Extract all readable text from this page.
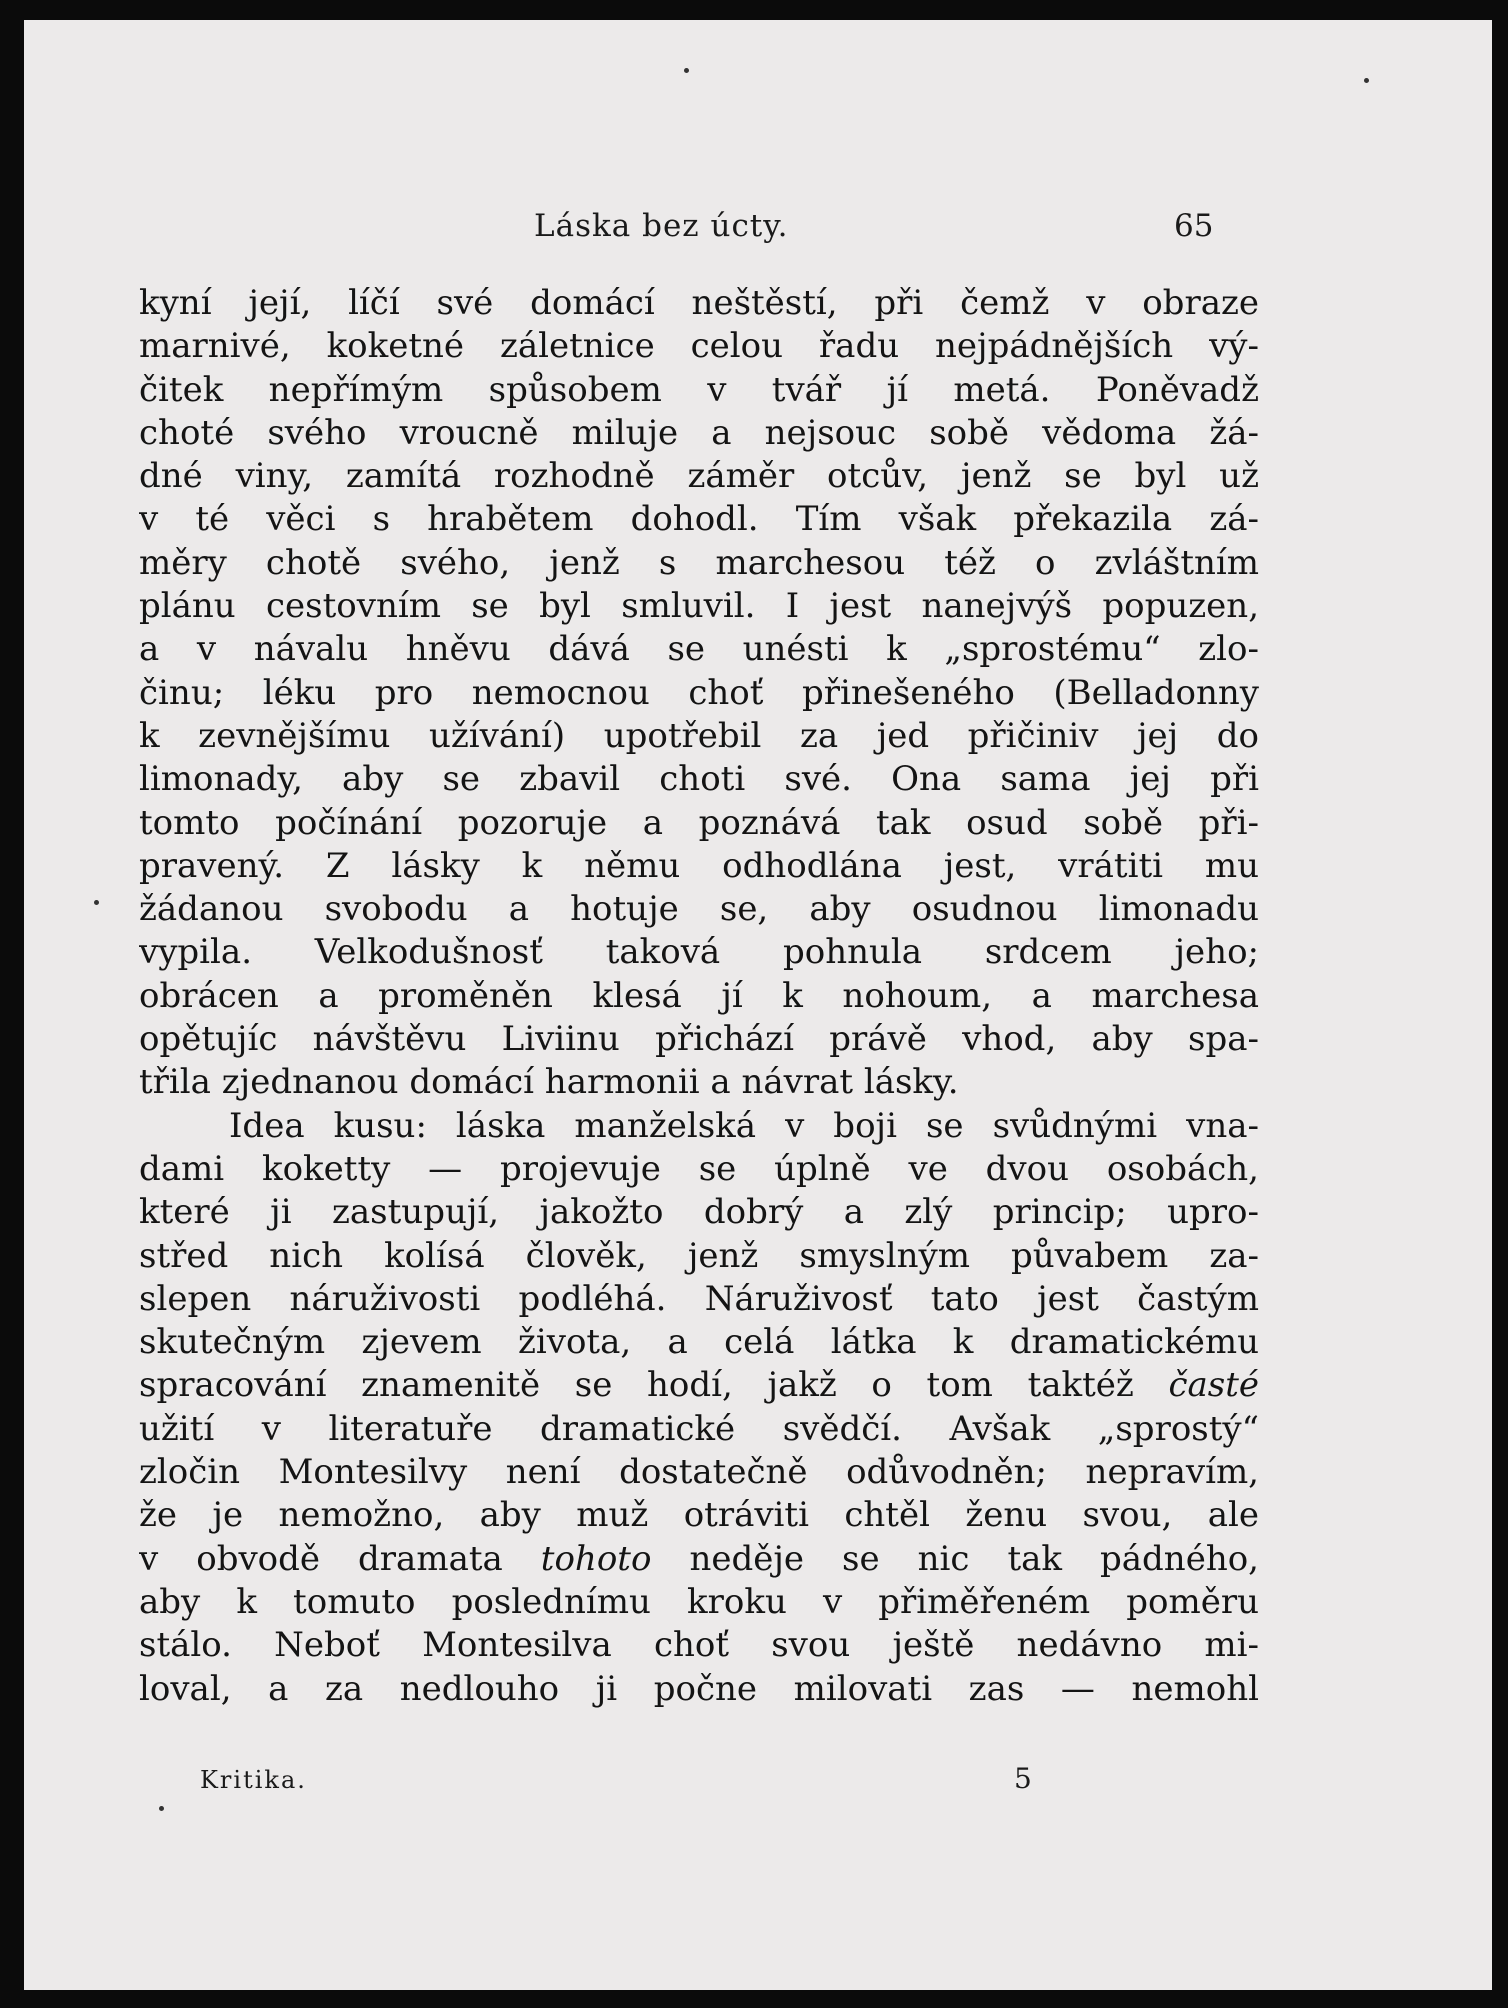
Láska bez úcty.	65
kyní její, líčí své domácí neštěstí, při čemž v obraze
marnivé, koketné záletnice celou řadu nejpádnějších vý-
čitek nepřímým spůsobem v tvář jí metá. Poněvadž
choté svého vroucně miluje a nejsouc sobě vědoma žá-
dné viny, zamítá rozhodně záměr otcův, jenž se byl už
v té věci s hrabětem dohodl. Tím však překazila zá-
měry chotě svého, jenž s marchesou též o zvláštním
plánu cestovním se byl smluvil. I jest nanejvýš popuzen,
a v návalu hněvu dává se unésti k „sprostému“ zlo-
činu; léku pro nemocnou choť přinešeného (Belladonny
k zevnějšímu užívání) upotřebil za jed přičiniv jej do
limonady, aby se zbavil choti své. Ona sama jej při
tomto počínání pozoruje a poznává tak osud sobě při-
pravený. Z lásky k němu odhodlána jest, vrátiti mu
žádanou svobodu a hotuje se, aby osudnou limonadu
vypila. Velkodušnosť taková pohnula srdcem jeho;
obrácen a proměněn klesá jí k nohoum, a marchesa
opětujíc návštěvu Liviinu přichází právě vhod, aby spa-
třila zjednanou domácí harmonii a návrat lásky.
Idea kusu: láska manželská v boji se svůdnými vna-
dami koketty — projevuje se úplně ve dvou osobách,
které ji zastupují, jakožto dobrý a zlý princip; upro-
střed nich kolísá člověk, jenž smyslným půvabem za-
slepen náruživosti podléhá. Náruživosť tato jest častým
skutečným zjevem života, a celá látka k dramatickému
spracování znamenitě se hodí, jakž o tom taktéž časté
užití v literatuře dramatické svědčí. Avšak „sprostý“
zločin Montesilvy není dostatečně odůvodněn; nepravím,
že je nemožno, aby muž otráviti chtěl ženu svou, ale
v obvodě dramata tohoto neděje se nic tak pádného,
aby k tomuto poslednímu kroku v přiměřeném poměru
stálo. Neboť Montesilva choť svou ještě nedávno mi-
loval, a za nedlouho ji počne milovati zas — nemohl
Kritika.	5
